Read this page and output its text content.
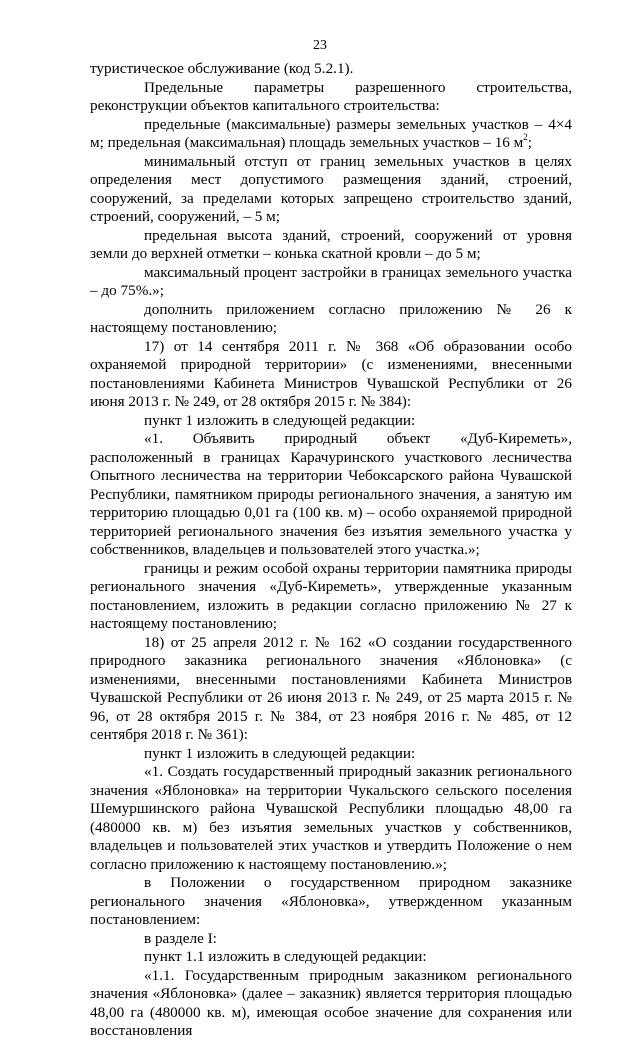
23

туристическое обслуживание (код 5.2.1).

Предельные параметры разрешенного строительства, реконструкции объектов капитального строительства:

предельные (максимальные) размеры земельных участков – 4×4 м; предельная (максимальная) площадь земельных участков – 16 $м^2$;

минимальный отступ от границ земельных участков в целях определения мест допустимого размещения зданий, строений, сооружений, за пределами которых запрещено строительство зданий, строений, сооружений, – 5 м;

предельная высота зданий, строений, сооружений от уровня земли до верхней отметки – конька скатной кровли – до 5 м;

максимальный процент застройки в границах земельного участка – до 75%.»;

дополнить приложением согласно приложению № 26 к настоящему постановлению;

17) от 14 сентября 2011 г. № 368 «Об образовании особо охраняемой природной территории» (с изменениями, внесенными постановлениями Кабинета Министров Чувашской Республики от 26 июня 2013 г. № 249, от 28 октября 2015 г. № 384):

пункт 1 изложить в следующей редакции:

«1. Объявить природный объект «Дуб-Киреметь», расположенный в границах Карачуринского участкового лесничества Опытного лесничества на территории Чебоксарского района Чувашской Республики, памятником природы регионального значения, а занятую им территорию площадью 0,01 га (100 кв. м) – особо охраняемой природной территорией регионального значения без изъятия земельного участка у собственников, владельцев и пользователей этого участка.»;

границы и режим особой охраны территории памятника природы регионального значения «Дуб-Киреметь», утвержденные указанным постановлением, изложить в редакции согласно приложению № 27 к настоящему постановлению;

18) от 25 апреля 2012 г. № 162 «О создании государственного природного заказника регионального значения «Яблоновка» (с изменениями, внесенными постановлениями Кабинета Министров Чувашской Республики от 26 июня 2013 г. № 249, от 25 марта 2015 г. № 96, от 28 октября 2015 г. № 384, от 23 ноября 2016 г. № 485, от 12 сентября 2018 г. № 361):

пункт 1 изложить в следующей редакции:

«1. Создать государственный природный заказник регионального значения «Яблоновка» на территории Чукальского сельского поселения Шемуршинского района Чувашской Республики площадью 48,00 га (480000 кв. м) без изъятия земельных участков у собственников, владельцев и пользователей этих участков и утвердить Положение о нем согласно приложению к настоящему постановлению.»;

в Положении о государственном природном заказнике регионального значения «Яблоновка», утвержденном указанным постановлением:

в разделе I:

пункт 1.1 изложить в следующей редакции:

«1.1. Государственным природным заказником регионального значения «Яблоновка» (далее – заказник) является территория площадью 48,00 га (480000 кв. м), имеющая особое значение для сохранения или восстановления
